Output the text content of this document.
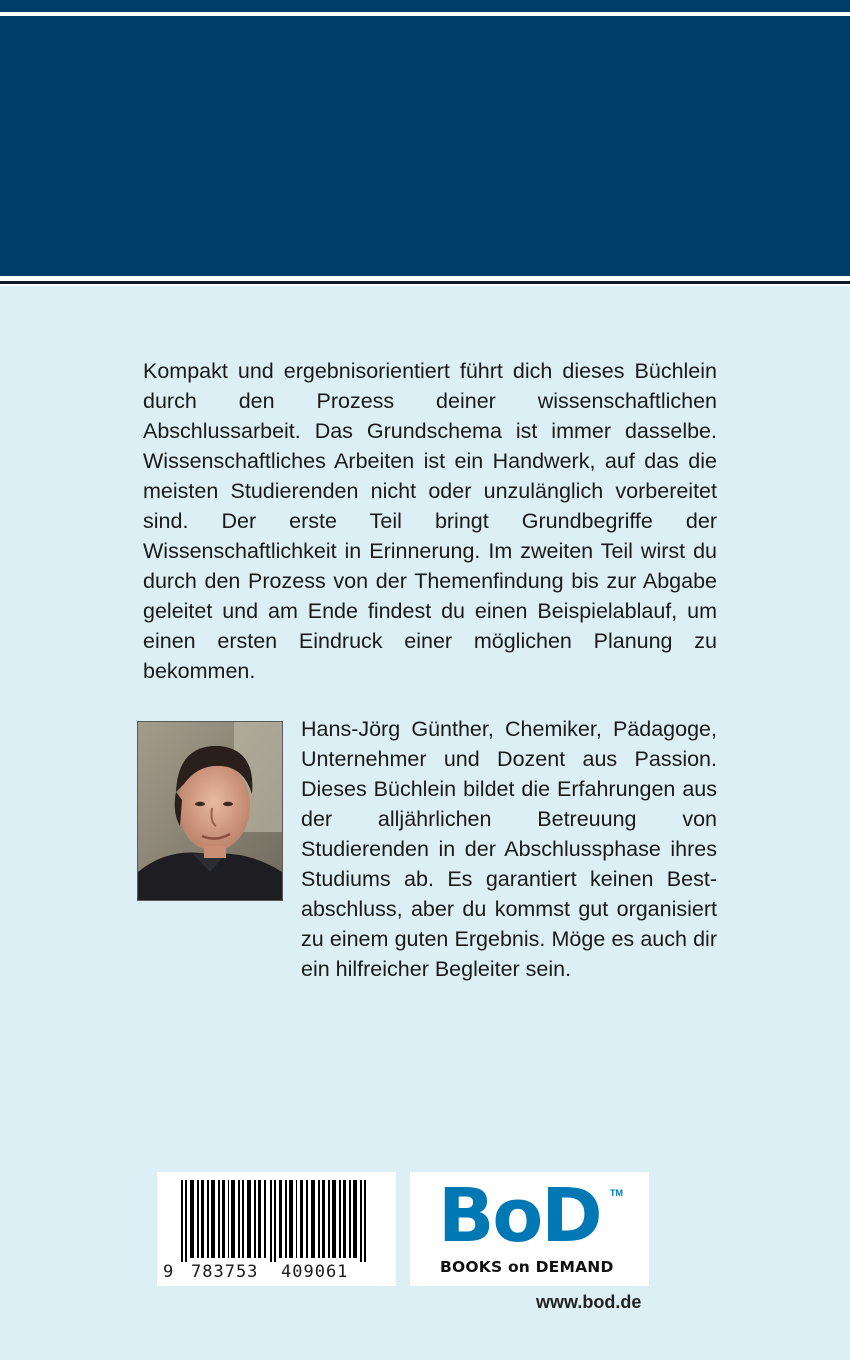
Kompakt und ergebnisorientiert führt dich dieses Büchlein durch den Prozess deiner wissenschaftlichen Abschlussarbeit. Das Grundschema ist immer dasselbe. Wissenschaftliches Arbeiten ist ein Handwerk, auf das die meisten Studierenden nicht oder unzulänglich vorbereitet sind. Der erste Teil bringt Grundbegriffe der Wissenschaftlichkeit in Erinnerung. Im zweiten Teil wirst du durch den Prozess von der Themenfindung bis zur Abgabe geleitet und am Ende findest du einen Beispielablauf, um einen ersten Eindruck einer möglichen Planung zu bekommen.

Hans-Jörg Günther, Chemiker, Pädagoge, Unternehmer und Dozent aus Passion. Dieses Büchlein bildet die Erfahrungen aus der alljährlichen Betreuung von Studierenden in der Abschlussphase ihres Studiums ab. Es garantiert keinen Best-abschluss, aber du kommst gut organisiert zu einem guten Ergebnis. Möge es auch dir ein hilfreicher Begleiter sein.

9 783753 409061
BoD TM
BOOKS on DEMAND
www.bod.de
